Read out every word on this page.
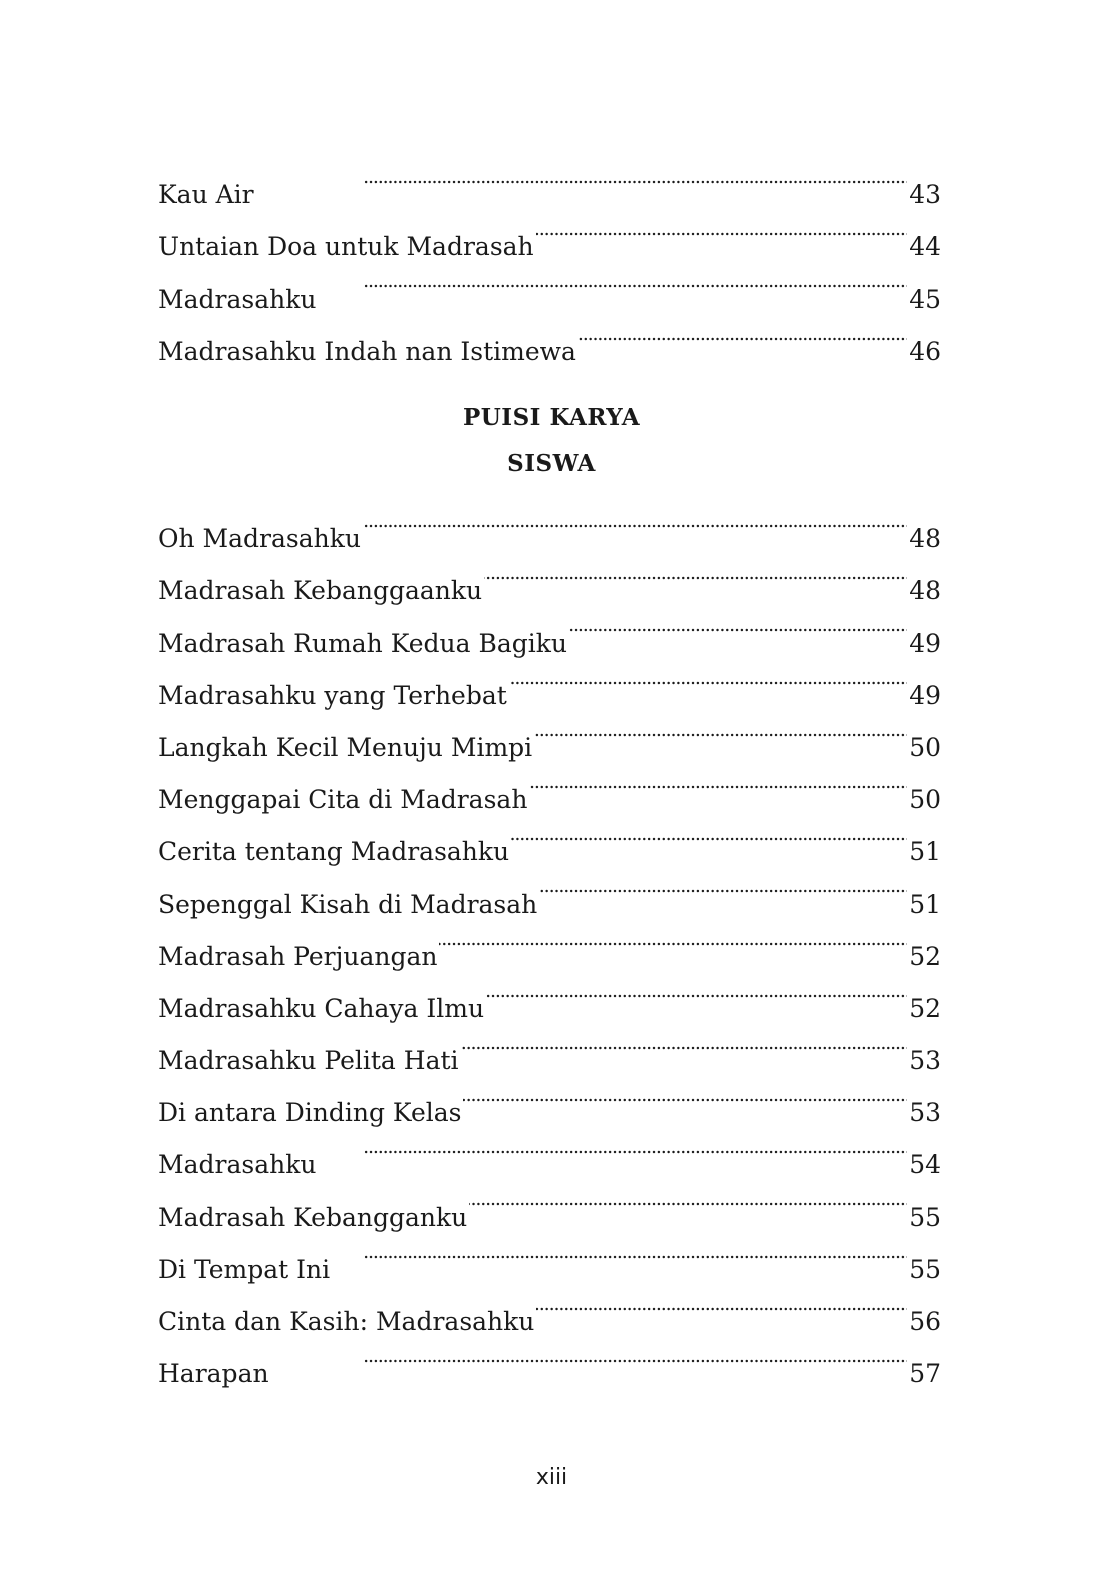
Kau Air . . .	43
Untaian Doa untuk Madrasah . . .	44
Madrasahku . . .	45
Madrasahku Indah nan Istimewa . . .	46
PUISI KARYA
SISWA
Oh Madrasahku . . .	48
Madrasah Kebanggaanku . . .	48
Madrasah Rumah Kedua Bagiku . . .	49
Madrasahku yang Terhebat . . .	49
Langkah Kecil Menuju Mimpi . . .	50
Menggapai Cita di Madrasah . . .	50
Cerita tentang Madrasahku . . .	51
Sepenggal Kisah di Madrasah . . .	51
Madrasah Perjuangan . . .	52
Madrasahku Cahaya Ilmu . . .	52
Madrasahku Pelita Hati . . .	53
Di antara Dinding Kelas . . .	53
Madrasahku . . .	54
Madrasah Kebangganku . . .	55
Di Tempat Ini . . .	55
Cinta dan Kasih: Madrasahku . . .	56
Harapan . . .	57
xiii
